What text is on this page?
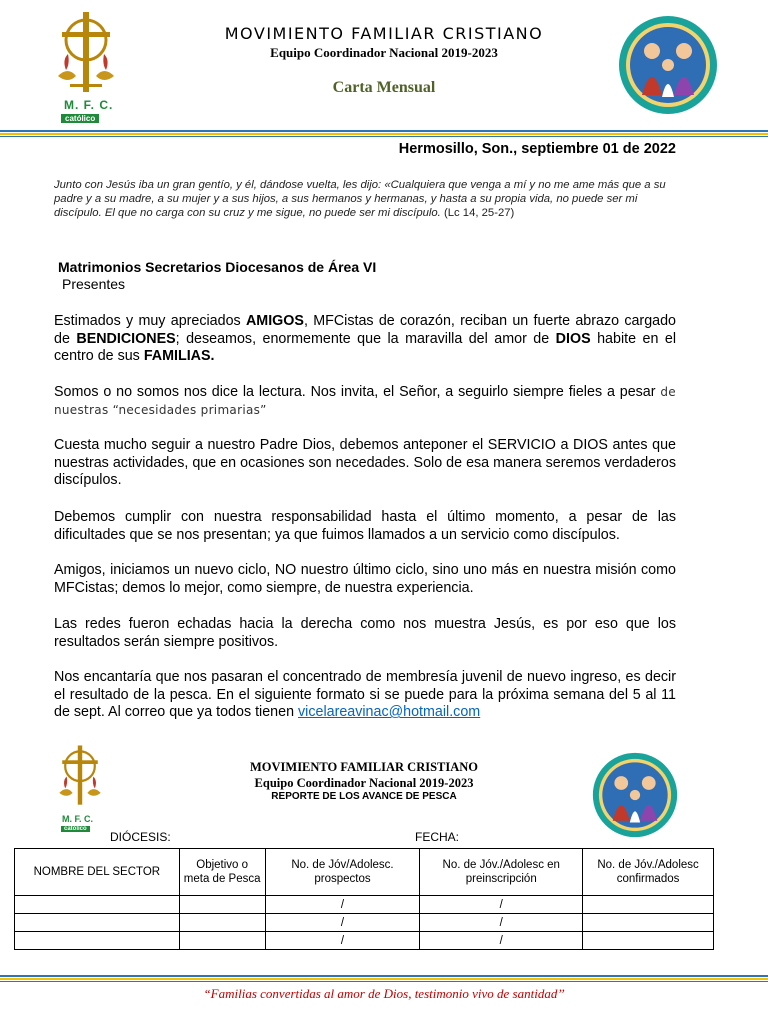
M. F. C.
católico
MOVIMIENTO FAMILIAR CRISTIANO
Equipo Coordinador Nacional 2019-2023
Carta Mensual
Hermosillo, Son., septiembre 01 de 2022
Junto con Jesús iba un gran gentío, y él, dándose vuelta, les dijo: «Cualquiera que venga a mí y no me ame más que a su padre y a su madre, a su mujer y a sus hijos, a sus hermanos y hermanas, y hasta a su propia vida, no puede ser mi discípulo. El que no carga con su cruz y me sigue, no puede ser mi discípulo. (Lc 14, 25-27)
Matrimonios Secretarios Diocesanos de Área VI
Presentes
Estimados y muy apreciados AMIGOS, MFCistas de corazón, reciban un fuerte abrazo cargado de BENDICIONES; deseamos, enormemente que la maravilla del amor de DIOS habite en el centro de sus FAMILIAS.
Somos o no somos nos dice la lectura. Nos invita, el Señor, a seguirlo siempre fieles a pesar de nuestras “necesidades primarias”
Cuesta mucho seguir a nuestro Padre Dios, debemos anteponer el SERVICIO a DIOS antes que nuestras actividades, que en ocasiones son necedades. Solo de esa manera seremos verdaderos discípulos.
Debemos cumplir con nuestra responsabilidad hasta el último momento, a pesar de las dificultades que se nos presentan; ya que fuimos llamados a un servicio como discípulos.
Amigos, iniciamos un nuevo ciclo, NO nuestro último ciclo, sino uno más en nuestra misión como MFCistas; demos lo mejor, como siempre, de nuestra experiencia.
Las redes fueron echadas hacia la derecha como nos muestra Jesús, es por eso que los resultados serán siempre positivos.
Nos encantaría que nos pasaran el concentrado de membresía juvenil de nuevo ingreso, es decir el resultado de la pesca. En el siguiente formato si se puede para la próxima semana del 5 al 11 de sept. Al correo que ya todos tienen vicelareavinac@hotmail.com
M. F. C.
católico
MOVIMIENTO FAMILIAR CRISTIANO
Equipo Coordinador Nacional 2019-2023
REPORTE DE LOS AVANCE DE PESCA
DIÓCESIS:	FECHA:
NOMBRE DEL SECTOR	Objetivo o meta de Pesca	No. de Jóv/Adolesc. prospectos	No. de Jóv./Adolesc en preinscripción	No. de Jóv./Adolesc confirmados
		/	/	
		/	/	
		/	/	
“Familias convertidas al amor de Dios, testimonio vivo de santidad’’
